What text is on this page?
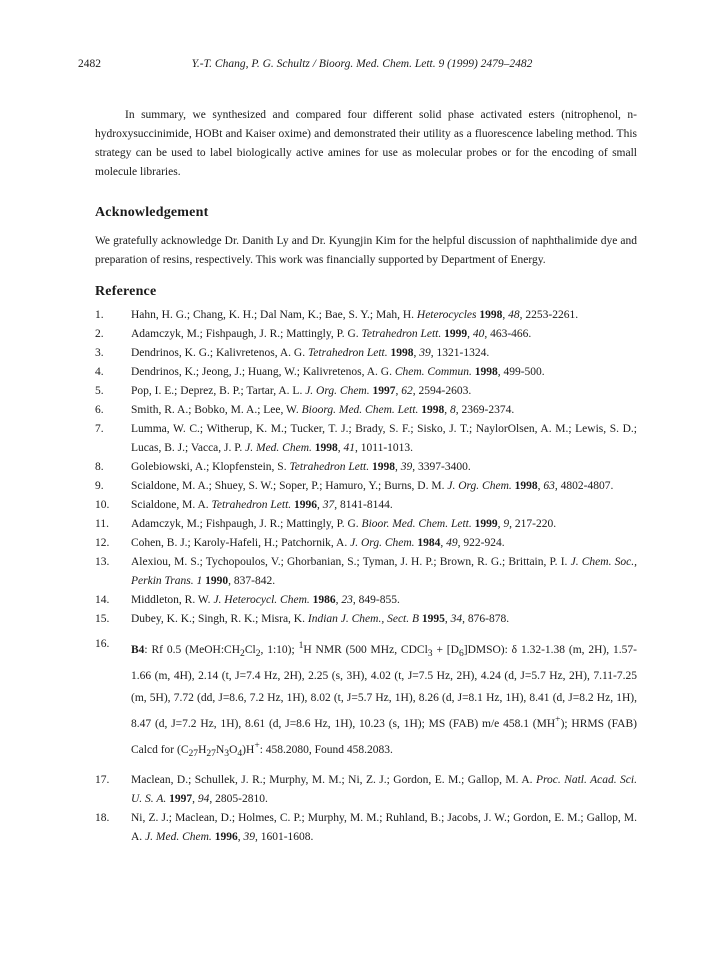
2482	Y.-T. Chang, P. G. Schultz / Bioorg. Med. Chem. Lett. 9 (1999) 2479–2482

In summary, we synthesized and compared four different solid phase activated esters (nitrophenol, n-hydroxysuccinimide, HOBt and Kaiser oxime) and demonstrated their utility as a fluorescence labeling method. This strategy can be used to label biologically active amines for use as molecular probes or for the encoding of small molecule libraries.

Acknowledgement

We gratefully acknowledge Dr. Danith Ly and Dr. Kyungjin Kim for the helpful discussion of naphthalimide dye and preparation of resins, respectively. This work was financially supported by Department of Energy.

Reference
1.	Hahn, H. G.; Chang, K. H.; Dal Nam, K.; Bae, S. Y.; Mah, H. Heterocycles 1998, 48, 2253-2261.
2.	Adamczyk, M.; Fishpaugh, J. R.; Mattingly, P. G. Tetrahedron Lett. 1999, 40, 463-466.
3.	Dendrinos, K. G.; Kalivretenos, A. G. Tetrahedron Lett. 1998, 39, 1321-1324.
4.	Dendrinos, K.; Jeong, J.; Huang, W.; Kalivretenos, A. G. Chem. Commun. 1998, 499-500.
5.	Pop, I. E.; Deprez, B. P.; Tartar, A. L. J. Org. Chem. 1997, 62, 2594-2603.
6.	Smith, R. A.; Bobko, M. A.; Lee, W. Bioorg. Med. Chem. Lett. 1998, 8, 2369-2374.
7.	Lumma, W. C.; Witherup, K. M.; Tucker, T. J.; Brady, S. F.; Sisko, J. T.; NaylorOlsen, A. M.; Lewis, S. D.; Lucas, B. J.; Vacca, J. P. J. Med. Chem. 1998, 41, 1011-1013.
8.	Golebiowski, A.; Klopfenstein, S. Tetrahedron Lett. 1998, 39, 3397-3400.
9.	Scialdone, M. A.; Shuey, S. W.; Soper, P.; Hamuro, Y.; Burns, D. M. J. Org. Chem. 1998, 63, 4802-4807.
10.	Scialdone, M. A. Tetrahedron Lett. 1996, 37, 8141-8144.
11.	Adamczyk, M.; Fishpaugh, J. R.; Mattingly, P. G. Bioor. Med. Chem. Lett. 1999, 9, 217-220.
12.	Cohen, B. J.; Karoly-Hafeli, H.; Patchornik, A. J. Org. Chem. 1984, 49, 922-924.
13.	Alexiou, M. S.; Tychopoulos, V.; Ghorbanian, S.; Tyman, J. H. P.; Brown, R. G.; Brittain, P. I. J. Chem. Soc., Perkin Trans. 1 1990, 837-842.
14.	Middleton, R. W. J. Heterocycl. Chem. 1986, 23, 849-855.
15.	Dubey, K. K.; Singh, R. K.; Misra, K. Indian J. Chem., Sect. B 1995, 34, 876-878.
16.	B4: Rf 0.5 ($MeOH:CH_2Cl_2$, 1:10); $^1$H NMR (500 MHz, CDCl$_3$ + $[D_6]DMSO$): δ 1.32-1.38 (m, 2H), 1.57-1.66 (m, 4H), 2.14 (t, J=7.4 Hz, 2H), 2.25 (s, 3H), 4.02 (t, J=7.5 Hz, 2H), 4.24 (d, J=5.7 Hz, 2H), 7.11-7.25 (m, 5H), 7.72 (dd, J=8.6, 7.2 Hz, 1H), 8.02 (t, J=5.7 Hz, 1H), 8.26 (d, J=8.1 Hz, 1H), 8.41 (d, J=8.2 Hz, 1H), 8.47 (d, J=7.2 Hz, 1H), 8.61 (d, J=8.6 Hz, 1H), 10.23 (s, 1H); MS (FAB) m/e 458.1 (MH+); HRMS (FAB) Calcd for $(C_{27}H_{27}N_3O_4)H^+$: 458.2080, Found 458.2083.
17.	Maclean, D.; Schullek, J. R.; Murphy, M. M.; Ni, Z. J.; Gordon, E. M.; Gallop, M. A. Proc. Natl. Acad. Sci. U. S. A. 1997, 94, 2805-2810.
18.	Ni, Z. J.; Maclean, D.; Holmes, C. P.; Murphy, M. M.; Ruhland, B.; Jacobs, J. W.; Gordon, E. M.; Gallop, M. A. J. Med. Chem. 1996, 39, 1601-1608.
